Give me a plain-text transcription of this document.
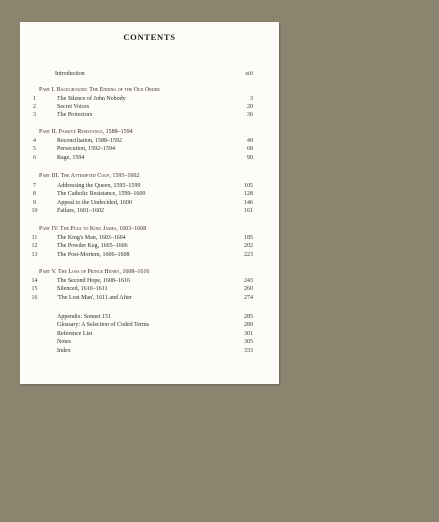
CONTENTS
Introduction	xiii
Part I. Background: The Ending of the Old Order
1	The Silence of John Nobody	3
2	Secret Voices	20
3	The Protectors	36
Part II. Passive Resistance, 1588–1594
4	Reconciliation, 1588–1592	49
5	Persecution, 1592–1594	68
6	Rage, 1594	90
Part III. The Attempted Coup, 1595–1602
7	Addressing the Queen, 1595–1599	105
8	The Catholic Resistance, 1599–1600	128
9	Appeal to the Undecided, 1600	146
10	Failure, 1601–1602	161
Part IV. The Plea to King James, 1603–1608
11	The King's Man, 1603–1604	185
12	The Powder Keg, 1605–1606	202
13	The Post-Mortem, 1606–1608	223
Part V. The Loss of Prince Henry, 1608–1616
14	The Second Hope, 1608–1616	243
15	Silenced, 1610–1611	260
16	'The Lost Man', 1611 and After	274
~
Appendix: Sonnet 151	285
Glossary: A Selection of Coded Terms	289
Reference List	301
Notes	305
Index	333
